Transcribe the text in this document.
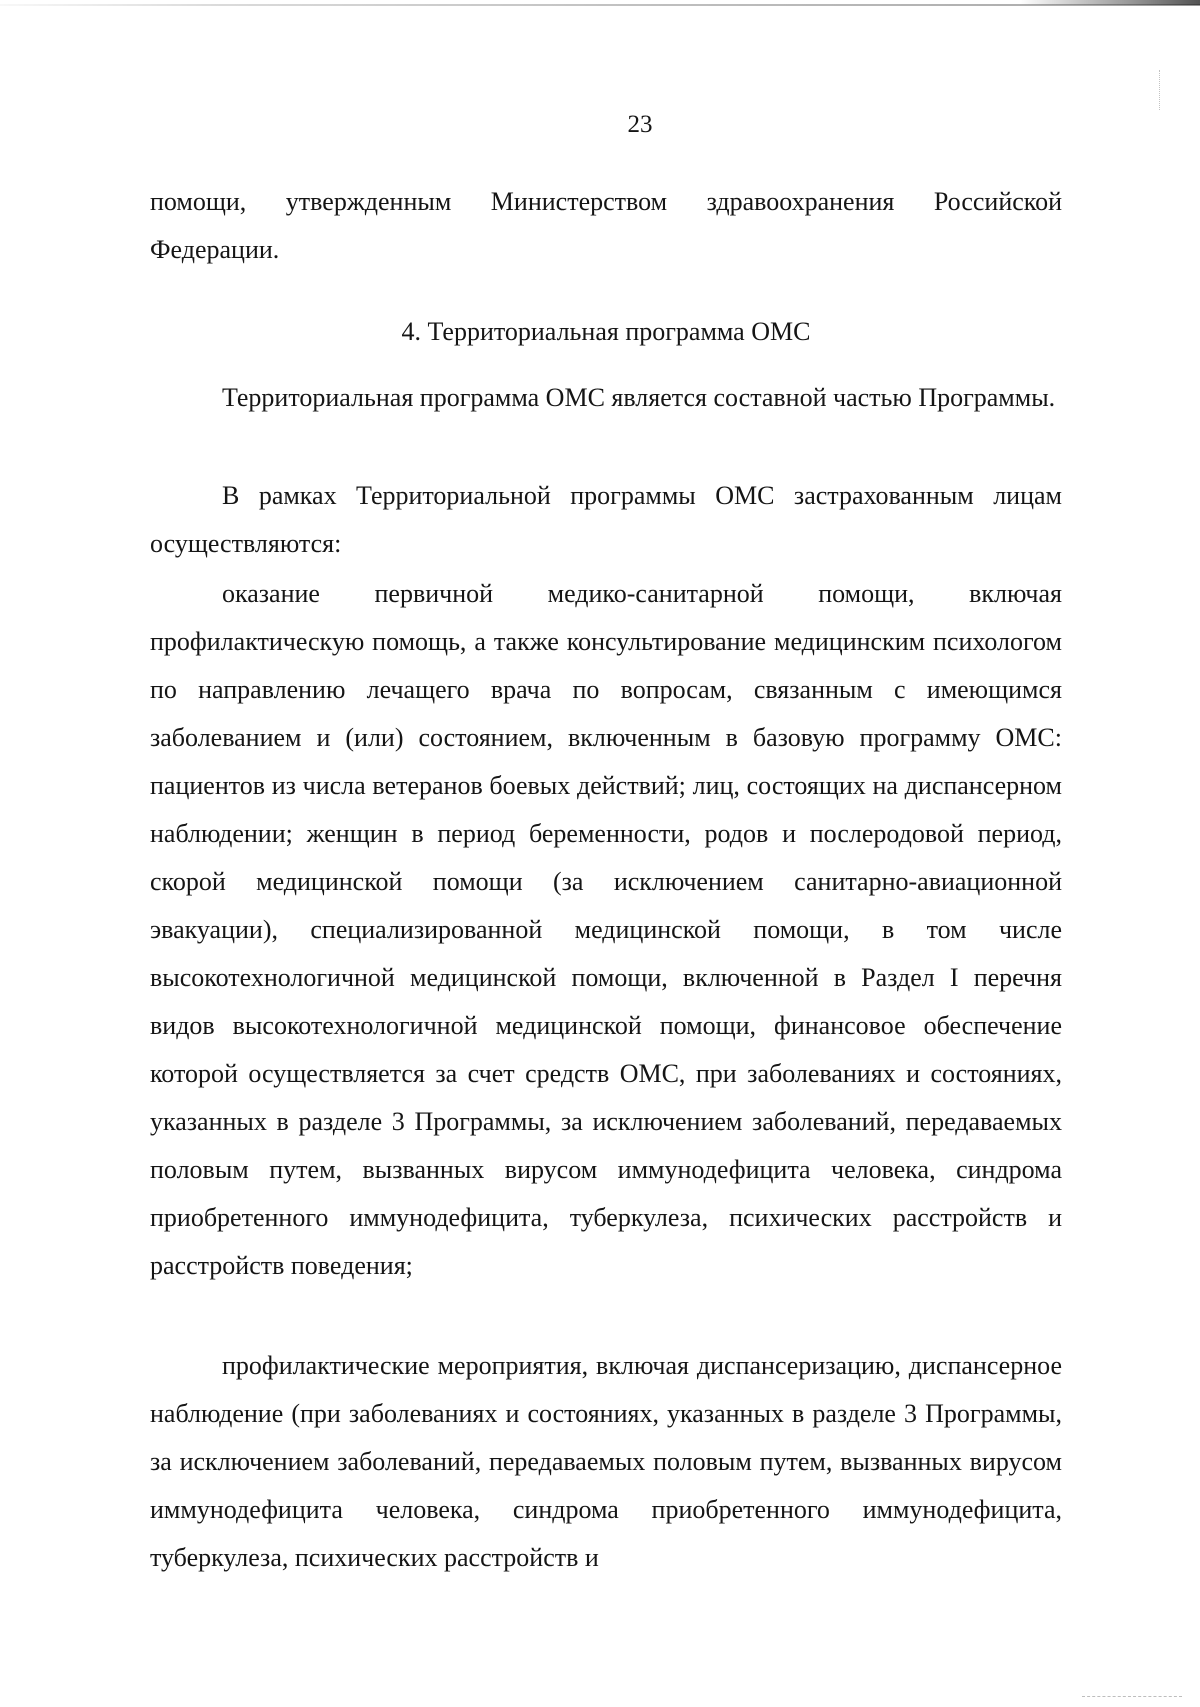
23

помощи, утвержденным Министерством здравоохранения Российской Федерации.

4. Территориальная программа ОМС

Территориальная программа ОМС является составной частью Программы.

В рамках Территориальной программы ОМС застрахованным лицам осуществляются:

оказание первичной медико-санитарной помощи, включая профилактическую помощь, а также консультирование медицинским психологом по направлению лечащего врача по вопросам, связанным с имеющимся заболеванием и (или) состоянием, включенным в базовую программу ОМС: пациентов из числа ветеранов боевых действий; лиц, состоящих на диспансерном наблюдении; женщин в период беременности, родов и послеродовой период, скорой медицинской помощи (за исключением санитарно-авиационной эвакуации), специализированной медицинской помощи, в том числе высокотехнологичной медицинской помощи, включенной в Раздел I перечня видов высокотехнологичной медицинской помощи, финансовое обеспечение которой осуществляется за счет средств ОМС, при заболеваниях и состояниях, указанных в разделе 3 Программы, за исключением заболеваний, передаваемых половым путем, вызванных вирусом иммунодефицита человека, синдрома приобретенного иммунодефицита, туберкулеза, психических расстройств и расстройств поведения;

профилактические мероприятия, включая диспансеризацию, диспансерное наблюдение (при заболеваниях и состояниях, указанных в разделе 3 Программы, за исключением заболеваний, передаваемых половым путем, вызванных вирусом иммунодефицита человека, синдрома приобретенного иммунодефицита, туберкулеза, психических расстройств и
